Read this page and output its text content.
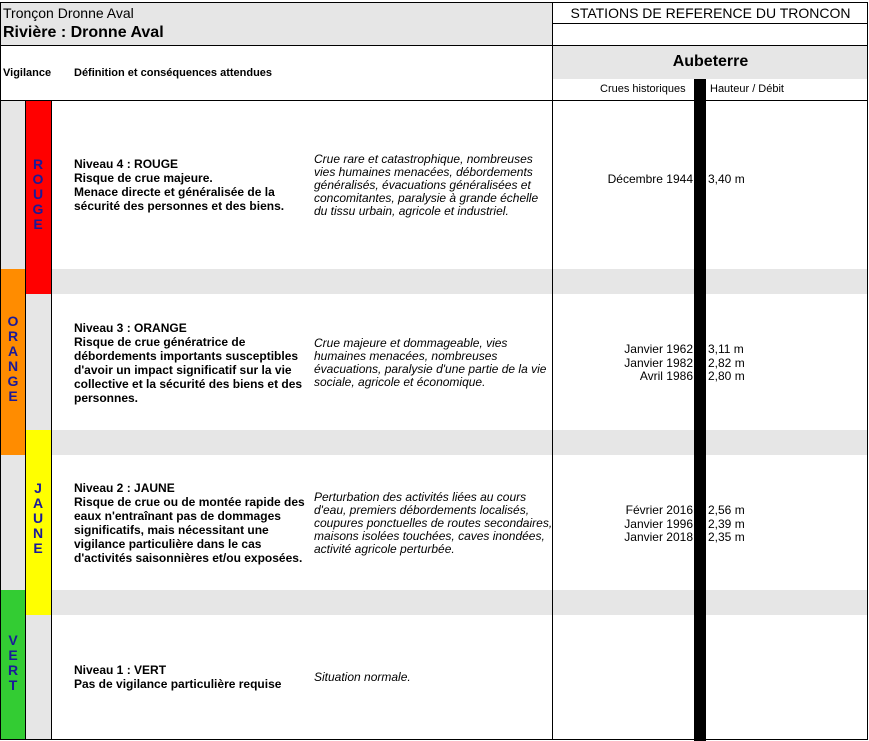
Tronçon Dronne Aval
Rivière : Dronne Aval
STATIONS DE REFERENCE DU TRONCON
Vigilance Définition et conséquences attendues
Aubeterre
Crues historiques Hauteur / Débit
R
O
U
G
E
O
R
A
N
G
E
J
A
U
N
E
V
E
R
T
Niveau 4 : ROUGE
Risque de crue majeure.
Menace directe et généralisée de la sécurité des personnes et des biens.
Crue rare et catastrophique, nombreuses vies humaines menacées, débordements généralisés, évacuations généralisées et concomitantes, paralysie à grande échelle du tissu urbain, agricole et industriel.
Niveau 3 : ORANGE
Risque de crue génératrice de débordements importants susceptibles d'avoir un impact significatif sur la vie collective et la sécurité des biens et des personnes.
Crue majeure et dommageable, vies humaines menacées, nombreuses évacuations, paralysie d'une partie de la vie sociale, agricole et économique.
Niveau 2 : JAUNE
Risque de crue ou de montée rapide des eaux n'entraînant pas de dommages significatifs, mais nécessitant une vigilance particulière dans le cas d'activités saisonnières et/ou exposées.
Perturbation des activités liées au cours d'eau, premiers débordements localisés, coupures ponctuelles de routes secondaires, maisons isolées touchées, caves inondées, activité agricole perturbée.
Niveau 1 : VERT
Pas de vigilance particulière requise	Situation normale.
Décembre 1944 3,40 m
Janvier 1962
Janvier 1982
Avril 1986
3,11 m
2,82 m
2,80 m
Février 2016
Janvier 1996
Janvier 2018
2,56 m
2,39 m
2,35 m
